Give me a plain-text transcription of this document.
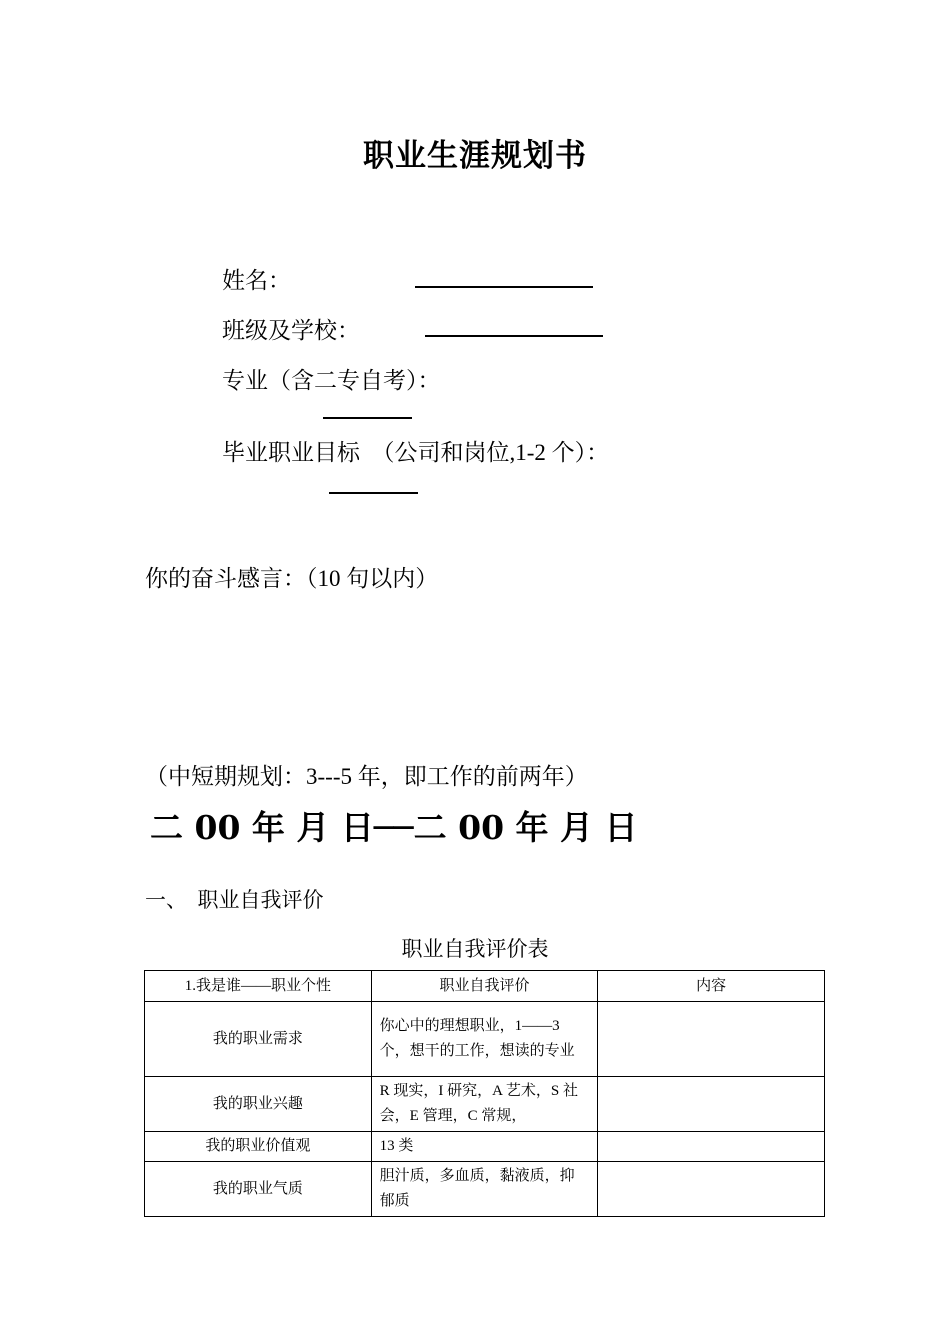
职业生涯规划书
姓名：
班级及学校：
专业（含二专自考）：
毕业职业目标　（公司和岗位,1-2 个）：
你的奋斗感言：（10 句以内）
（中短期规划：3---5 年，即工作的前两年）
二 00 年 月 日──二 00 年 月 日
一、　职业自我评价
职业自我评价表
1.我是谁——职业个性	职业自我评价	内容
我的职业需求	你心中的理想职业，1——3 个，想干的工作，想读的专业	
我的职业兴趣	R 现实，I 研究，A 艺术，S 社会，E 管理，C 常规，	
我的职业价值观	13 类	
我的职业气质	胆汁质，多血质，黏液质，抑郁质	
